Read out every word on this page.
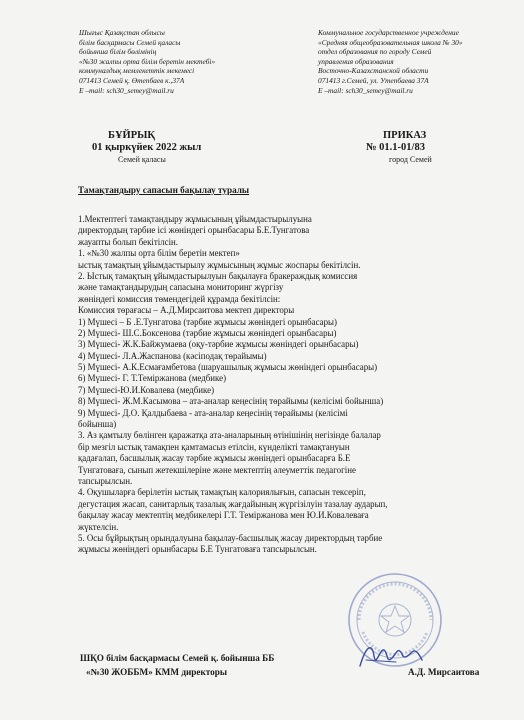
Шығыс Қазақстан облысы
білім басқармасы Семей қаласы
бойынша білім бөлімінің
«№30 жалпы орта білім беретін мектебі»
коммуналдық мемлекеттік мекемесі
071413 Семей қ. Өтепбаев к.,37А
Е –mail: sch30_semey@mail.ru
Коммунальное государственное учреждение
«Средняя общеобразовательная школа № 30»
отдел образования по городу Семей
управления образования
Восточно-Казахстанской области
071413 г.Семей, ул. Утепбаева 37А
Е –mail: sch30_semey@mail.ru
БҰЙРЫҚ
01 қыркүйек 2022 жыл
Семей қаласы
ПРИКАЗ
№ 01.1-01/83
город Семей
Тамақтандыру сапасын бақылау туралы
1.Мектептегі тамақтандыру жұмысының ұйымдастырылуына
директордың тәрбие ісі жөніндегі орынбасары Б.Е.Тунгатова
жауапты болып бекітілсін.
1. «№30 жалпы орта білім беретін мектеп»
ыстық тамақтың ұйымдастырылу жұмысының жұмыс жоспары бекітілсін.
2. Ыстық тамақтың ұйымдастырылуын бақылауға бракераждық комиссия
және тамақтандырудың сапасына мониторинг жүргізу
жөніндегі комиссия төмендегідей құрамда бекітілсін:
Комиссия төрағасы – А.Д.Мирсаитова мектеп директоры
1) Мүшесі – Б .Е.Тунгатова (тәрбие жұмысы жөніндегі орынбасары)
2) Мүшесі- Ш.С.Боксенова (тәрбие жұмысы жөніндегі орынбасары)
3) Мүшесі- Ж.К.Байжумаева (оқу-тәрбие жұмысы жөніндегі орынбасары)
4) Мүшесі- Л.А.Жаспанова (кәсіподақ төрайымы)
5) Мүшесі- А.К.Есмағамбетова (шаруашылық жұмысы жөніндегі орынбасары)
6) Мүшесі- Г. Т.Теміржанова (медбике)
7) Мүшесі-Ю.И.Ковалева (медбике)
8) Мүшесі- Ж.М.Касымова – ата-аналар кеңесінің төрайымы (келісімі бойынша)
9) Мүшесі- Д.О. Қалдыбаева - ата-аналар кеңесінің төрайымы (келісімі
бойынша)
3. Аз қамтылу бөлінген қаражатқа ата-аналарының өтінішінің негізінде балалар
бір мезгіл ыстық тамақпен қамтамасыз етілсін, күнделікті тамақтануын
қадағалап, басшылық жасау тәрбие жұмысы жөніндегі орынбасарға Б.Е
Тунгатоваға, сынып жетекшілеріне және мектептің әлеуметтік педагогіне
тапсырылсын.
4. Оқушыларға берілетін ыстық тамақтың калориялығын, сапасын тексеріп,
дегустация жасап, санитарлық тазалық жағдайының жүргізілуін тазалау аударып,
бақылау жасау мектептің медбикелері Г.Т. Теміржанова мен Ю.И.Ковалеваға
жүктелсін.
5. Осы бұйрықтың орындалуына бақылау-басшылық жасау директордың тәрбие
жұмысы жөніндегі орынбасары Б.Е Тунгатоваға тапсырылсын.
ШҚО білім басқармасы Семей қ. бойынша ББ
«№30 ЖОББМ» КММ директоры	А.Д. Мирсаитова
